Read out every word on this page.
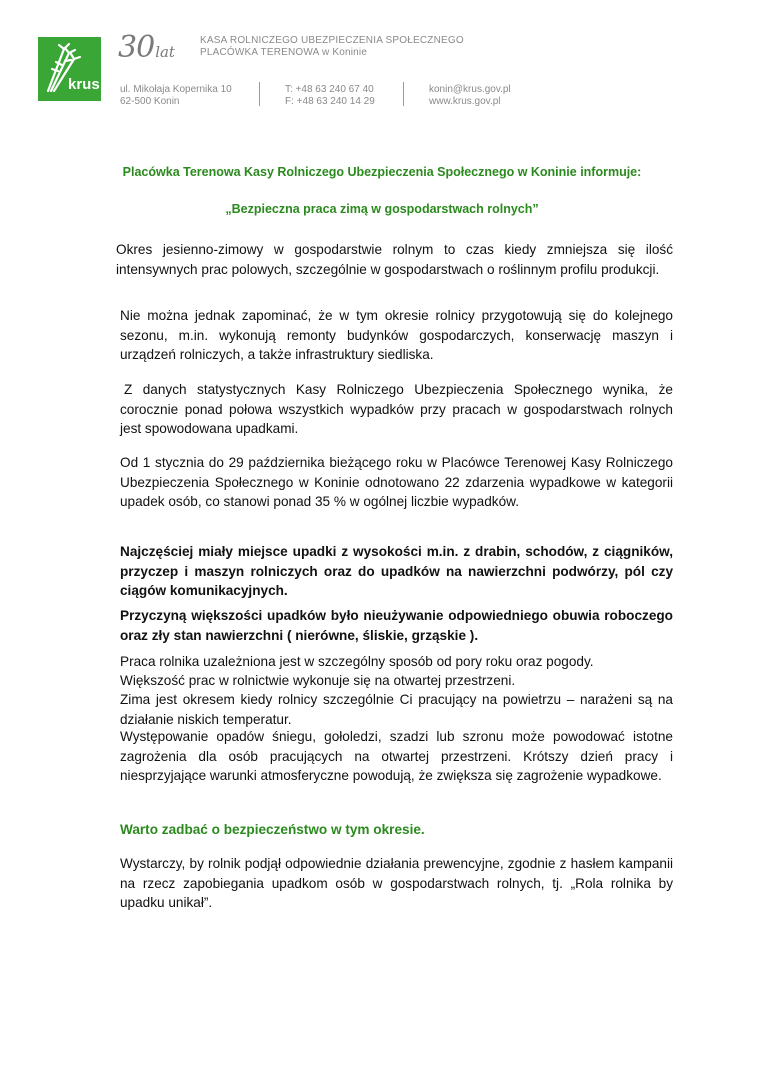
krus
30lat
KASA ROLNICZEGO UBEZPIECZENIA SPOŁECZNEGO
PLACÓWKA TERENOWA w Koninie
ul. Mikołaja Kopernika 10
62-500 Konin
T: +48 63 240 67 40
F: +48 63 240 14 29
konin@krus.gov.pl
www.krus.gov.pl
Placówka Terenowa Kasy Rolniczego Ubezpieczenia Społecznego w Koninie informuje:
„Bezpieczna praca zimą w gospodarstwach rolnych”

Okres jesienno-zimowy w gospodarstwie rolnym to czas kiedy zmniejsza się ilość intensywnych prac polowych, szczególnie w gospodarstwach o roślinnym profilu produkcji.

Nie można jednak zapominać, że w tym okresie rolnicy przygotowują się do kolejnego sezonu, m.in. wykonują remonty budynków gospodarczych, konserwację maszyn i urządzeń rolniczych, a także infrastruktury siedliska.

Z danych statystycznych Kasy Rolniczego Ubezpieczenia Społecznego wynika, że corocznie ponad połowa wszystkich wypadków przy pracach w gospodarstwach rolnych jest spowodowana upadkami.

Od 1 stycznia do 29 października bieżącego roku w Placówce Terenowej Kasy Rolniczego Ubezpieczenia Społecznego w Koninie odnotowano 22 zdarzenia wypadkowe w kategorii upadek osób, co stanowi ponad 35 % w ogólnej liczbie wypadków.

Najczęściej miały miejsce upadki z wysokości m.in. z drabin, schodów, z ciągników, przyczep i maszyn rolniczych oraz do upadków na nawierzchni podwórzy, pól czy ciągów komunikacyjnych.

Przyczyną większości upadków było nieużywanie odpowiedniego obuwia roboczego oraz zły stan nawierzchni ( nierówne, śliskie, grząskie ).

Praca rolnika uzależniona jest w szczególny sposób od pory roku oraz pogody.

Większość prac w rolnictwie wykonuje się na otwartej przestrzeni.

Zima jest okresem kiedy rolnicy szczególnie Ci pracujący na powietrzu – narażeni są na działanie niskich temperatur.

Występowanie opadów śniegu, gołoledzi, szadzi lub szronu może powodować istotne zagrożenia dla osób pracujących na otwartej przestrzeni. Krótszy dzień pracy i niesprzyjające warunki atmosferyczne powodują, że zwiększa się zagrożenie wypadkowe.

Warto zadbać o bezpieczeństwo w tym okresie.

Wystarczy, by rolnik podjął odpowiednie działania prewencyjne, zgodnie z hasłem kampanii na rzecz zapobiegania upadkom osób w gospodarstwach rolnych, tj. „Rola rolnika by upadku unikał”.
